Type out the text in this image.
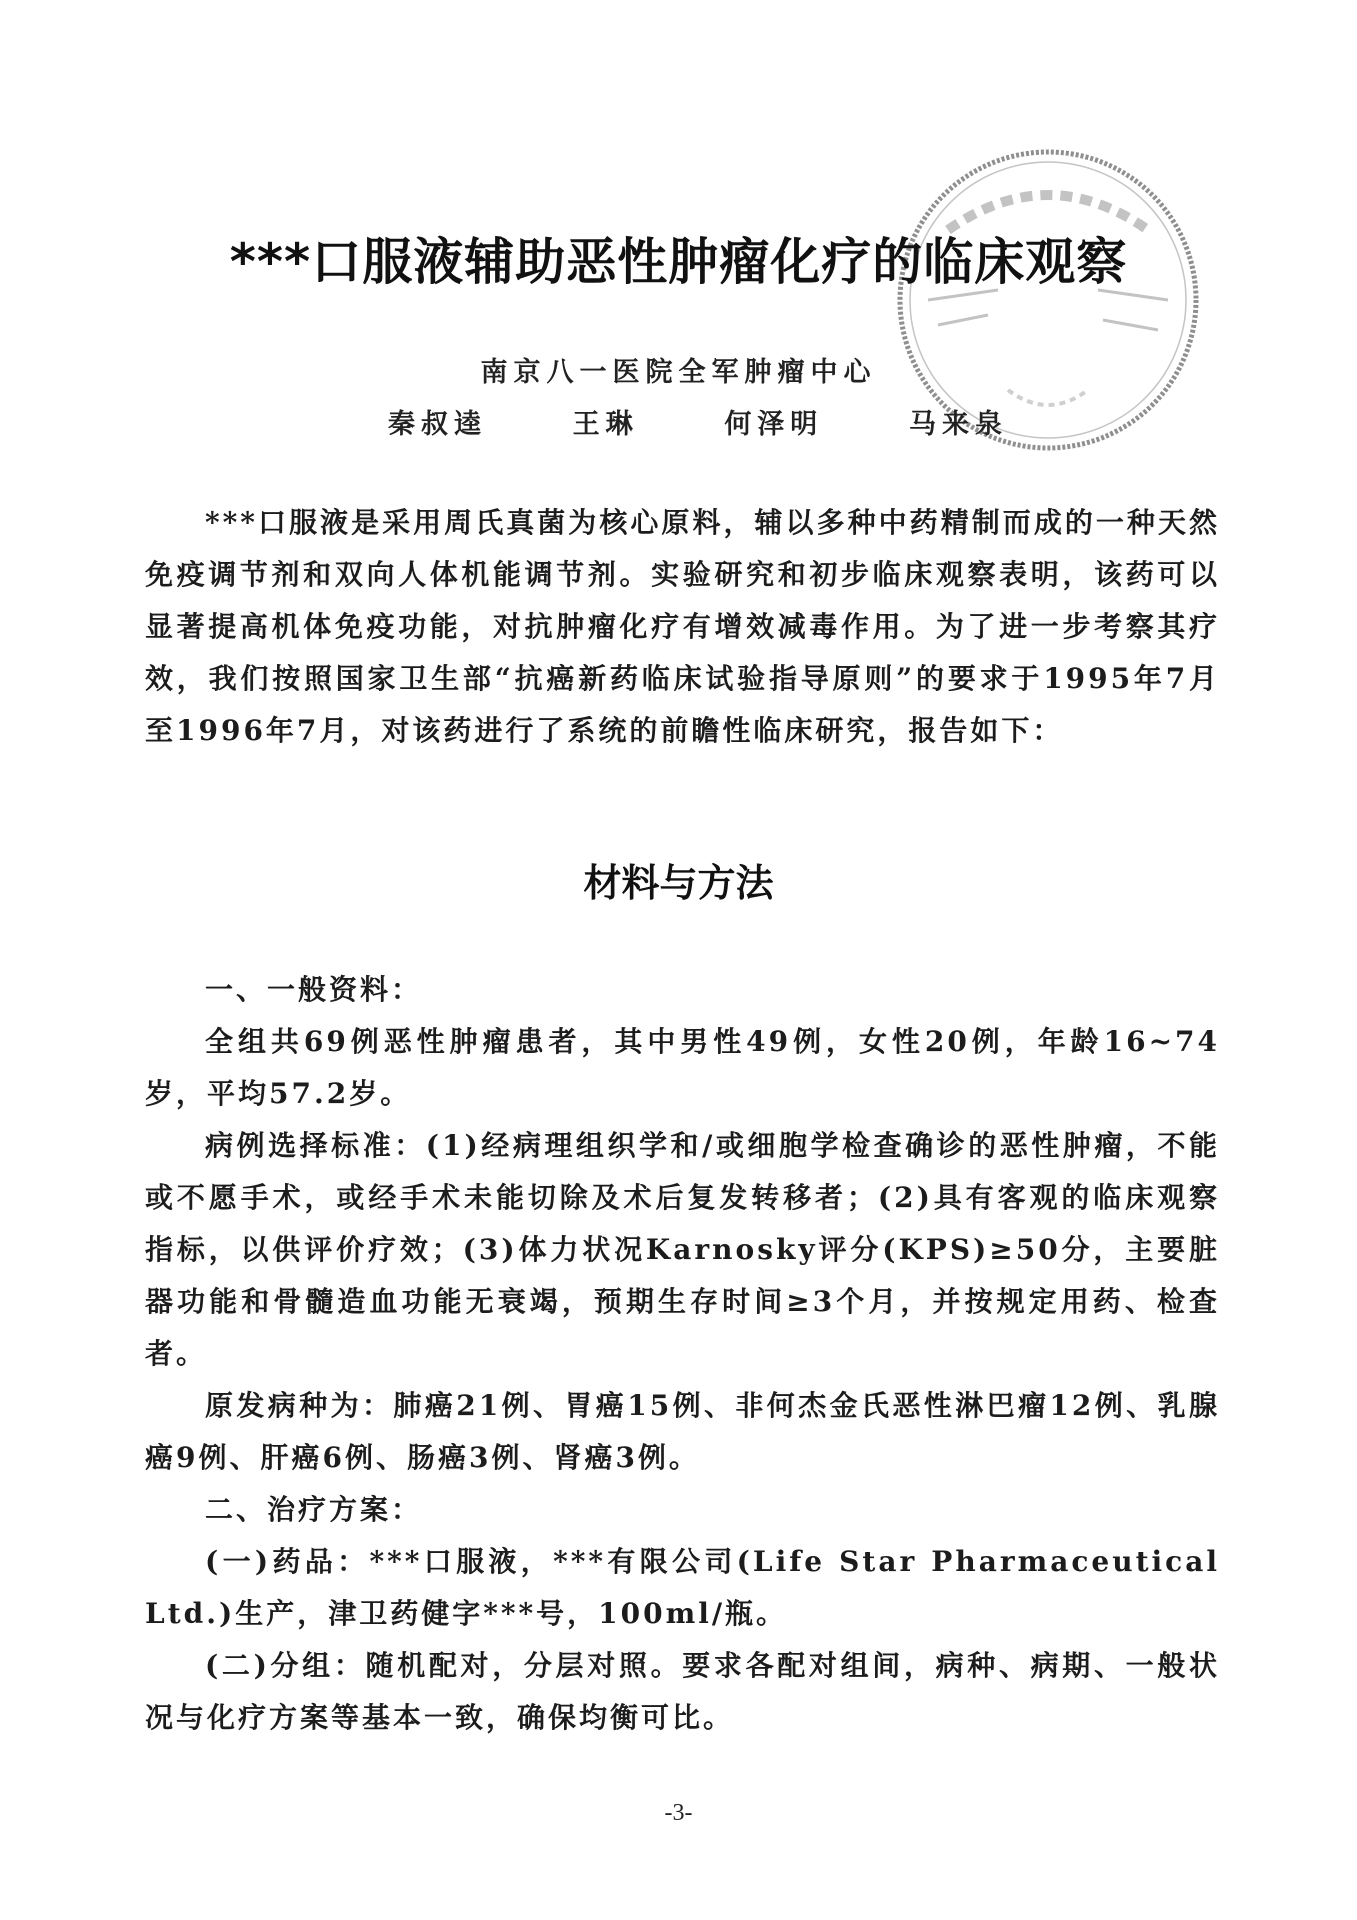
***口服液辅助恶性肿瘤化疗的临床观察
南京八一医院全军肿瘤中心
秦叔逵	王琳	何泽明	马来泉

***口服液是采用周氏真菌为核心原料，辅以多种中药精制而成的一种天然免疫调节剂和双向人体机能调节剂。实验研究和初步临床观察表明，该药可以显著提高机体免疫功能，对抗肿瘤化疗有增效减毒作用。为了进一步考察其疗效，我们按照国家卫生部“抗癌新药临床试验指导原则”的要求于1995年7月至1996年7月，对该药进行了系统的前瞻性临床研究，报告如下：

材料与方法

一、一般资料：

全组共69例恶性肿瘤患者，其中男性49例，女性20例，年龄16~74岁，平均57.2岁。

病例选择标准：(1)经病理组织学和/或细胞学检查确诊的恶性肿瘤，不能或不愿手术，或经手术未能切除及术后复发转移者；(2)具有客观的临床观察指标，以供评价疗效；(3)体力状况Karnosky评分(KPS)≥50分，主要脏器功能和骨髓造血功能无衰竭，预期生存时间≥3个月，并按规定用药、检查者。

原发病种为：肺癌21例、胃癌15例、非何杰金氏恶性淋巴瘤12例、乳腺癌9例、肝癌6例、肠癌3例、肾癌3例。

二、治疗方案：

(一)药品：***口服液，***有限公司(Life Star Pharmaceutical Ltd.)生产，津卫药健字***号，100ml/瓶。

(二)分组：随机配对，分层对照。要求各配对组间，病种、病期、一般状况与化疗方案等基本一致，确保均衡可比。

-3-
